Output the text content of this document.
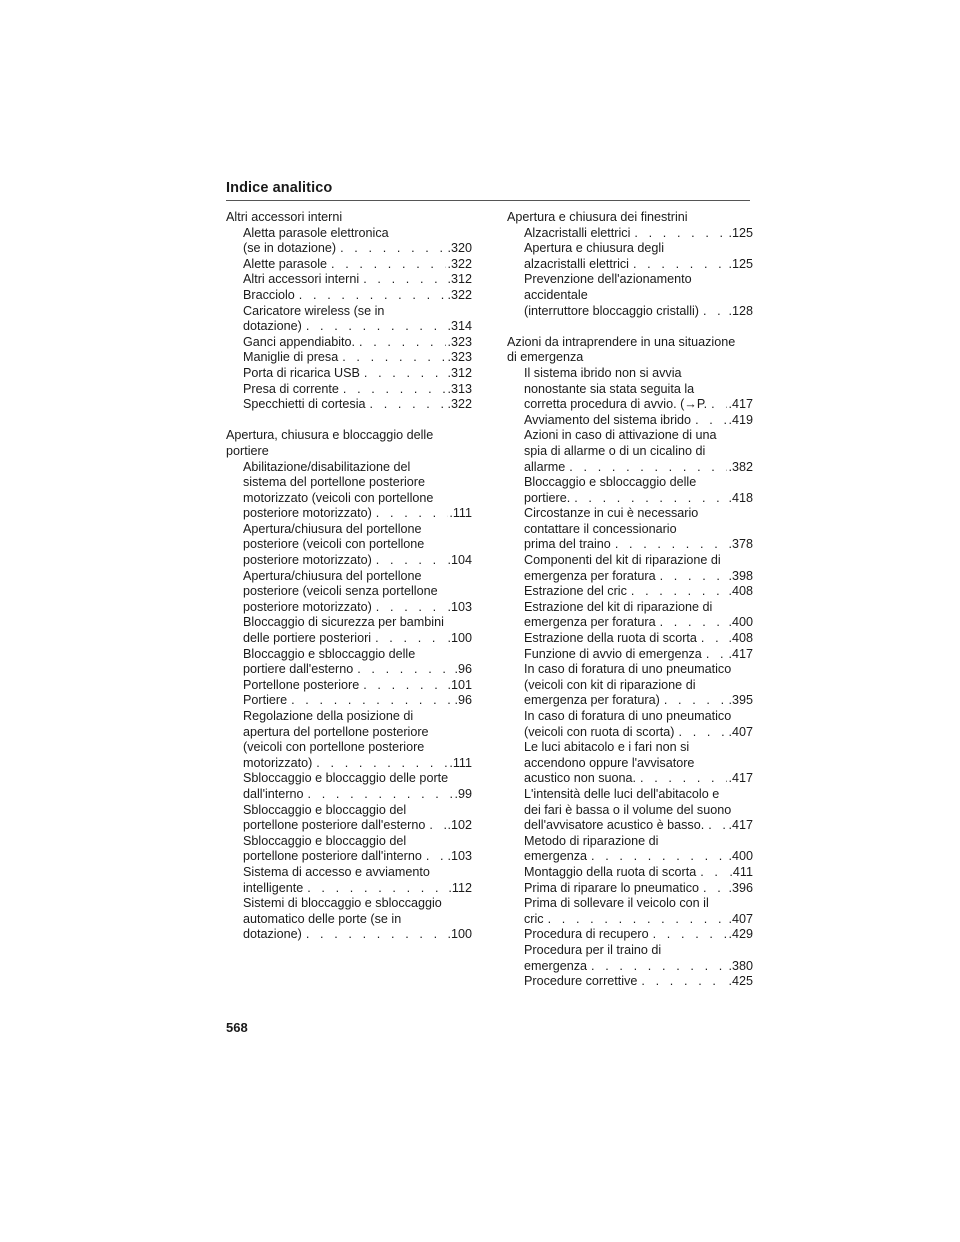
Indice analitico
Altri accessori interni
Aletta parasole elettronica
(se in dotazione) . . .	.320
Alette parasole . . .	.322
Altri accessori interni . . .	.312
Bracciolo . . .	.322
Caricatore wireless (se in
dotazione) . . .	.314
Ganci appendiabito. . . .	.323
Maniglie di presa . . .	.323
Porta di ricarica USB . . .	.312
Presa di corrente . . .	.313
Specchietti di cortesia . . .	.322
Apertura, chiusura e bloccaggio delle
portiere
Abilitazione/disabilitazione del
sistema del portellone posteriore
motorizzato (veicoli con portellone
posteriore motorizzato) . . .	.111
Apertura/chiusura del portellone
posteriore (veicoli con portellone
posteriore motorizzato) . . .	.104
Apertura/chiusura del portellone
posteriore (veicoli senza portellone
posteriore motorizzato) . . .	.103
Bloccaggio di sicurezza per bambini
delle portiere posteriori . . .	.100
Bloccaggio e sbloccaggio delle
portiere dall'esterno . . .	.96
Portellone posteriore . . .	.101
Portiere . . .	.96
Regolazione della posizione di
apertura del portellone posteriore
(veicoli con portellone posteriore
motorizzato) . . .	.111
Sbloccaggio e bloccaggio delle porte
dall'interno . . .	.99
Sbloccaggio e bloccaggio del
portellone posteriore dall'esterno . . . .102
Sbloccaggio e bloccaggio del
portellone posteriore dall'interno . . . .103
Sistema di accesso e avviamento
intelligente . . .	.112
Sistemi di bloccaggio e sbloccaggio
automatico delle porte (se in
dotazione) . . .	.100
Apertura e chiusura dei finestrini
Alzacristalli elettrici . . .	.125
Apertura e chiusura degli
alzacristalli elettrici . . .	.125
Prevenzione dell'azionamento
accidentale
(interruttore bloccaggio cristalli) . . . .128
Azioni da intraprendere in una situazione
di emergenza
Il sistema ibrido non si avvia
nonostante sia stata seguita la
corretta procedura di avvio. (→P. . . . .417
Avviamento del sistema ibrido . . .	.419
Azioni in caso di attivazione di una
spia di allarme o di un cicalino di
allarme . . .	.382
Bloccaggio e sbloccaggio delle
portiere. . . .	.418
Circostanze in cui è necessario
contattare il concessionario
prima del traino . . .	.378
Componenti del kit di riparazione di
emergenza per foratura . . .	.398
Estrazione del cric . . .	.408
Estrazione del kit di riparazione di
emergenza per foratura . . .	.400
Estrazione della ruota di scorta . . .	.408
Funzione di avvio di emergenza . . . .417
In caso di foratura di uno pneumatico
(veicoli con kit di riparazione di
emergenza per foratura) . . .	.395
In caso di foratura di uno pneumatico
(veicoli con ruota di scorta) . . .	.407
Le luci abitacolo e i fari non si
accendono oppure l'avvisatore
acustico non suona. . . .	.417
L'intensità delle luci dell'abitacolo e
dei fari è bassa o il volume del suono
dell'avvisatore acustico è basso. . . . .417
Metodo di riparazione di
emergenza . . .	.400
Montaggio della ruota di scorta . . .	.411
Prima di riparare lo pneumatico . . . .396
Prima di sollevare il veicolo con il
cric . . .	.407
Procedura di recupero . . .	.429
Procedura per il traino di
emergenza . . .	.380
Procedure correttive . . .	.425
568
